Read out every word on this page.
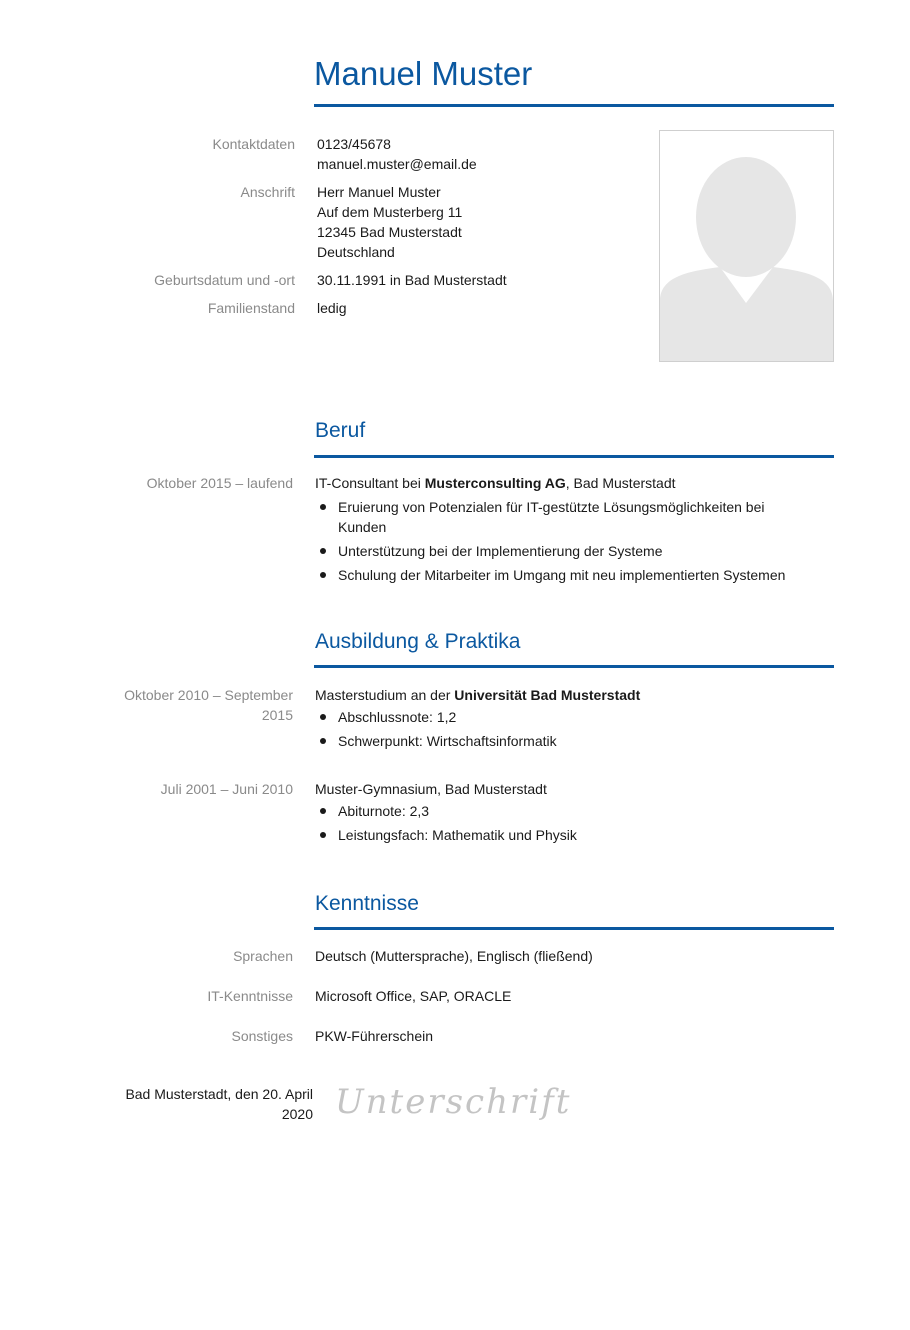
Manuel Muster
Kontaktdaten 0123/45678
manuel.muster@email.de
Anschrift Herr Manuel Muster
Auf dem Musterberg 11
12345 Bad Musterstadt
Deutschland
Geburtsdatum und -ort 30.11.1991 in Bad Musterstadt
Familienstand ledig
Beruf
Oktober 2015 – laufend IT-Consultant bei Musterconsulting AG, Bad Musterstadt
Eruierung von Potenzialen für IT-gestützte Lösungsmöglichkeiten bei Kunden
Unterstützung bei der Implementierung der Systeme
Schulung der Mitarbeiter im Umgang mit neu implementierten Systemen
Ausbildung & Praktika
Oktober 2010 – September 2015
Masterstudium an der Universität Bad Musterstadt
Abschlussnote: 1,2
Schwerpunkt: Wirtschaftsinformatik
Juli 2001 – Juni 2010 Muster-Gymnasium, Bad Musterstadt
Abiturnote: 2,3
Leistungsfach: Mathematik und Physik
Kenntnisse
Sprachen Deutsch (Muttersprache), Englisch (fließend)
IT-Kenntnisse Microsoft Office, SAP, ORACLE
Sonstiges PKW-Führerschein
Bad Musterstadt, den 20. April 2020 Unterschrift
